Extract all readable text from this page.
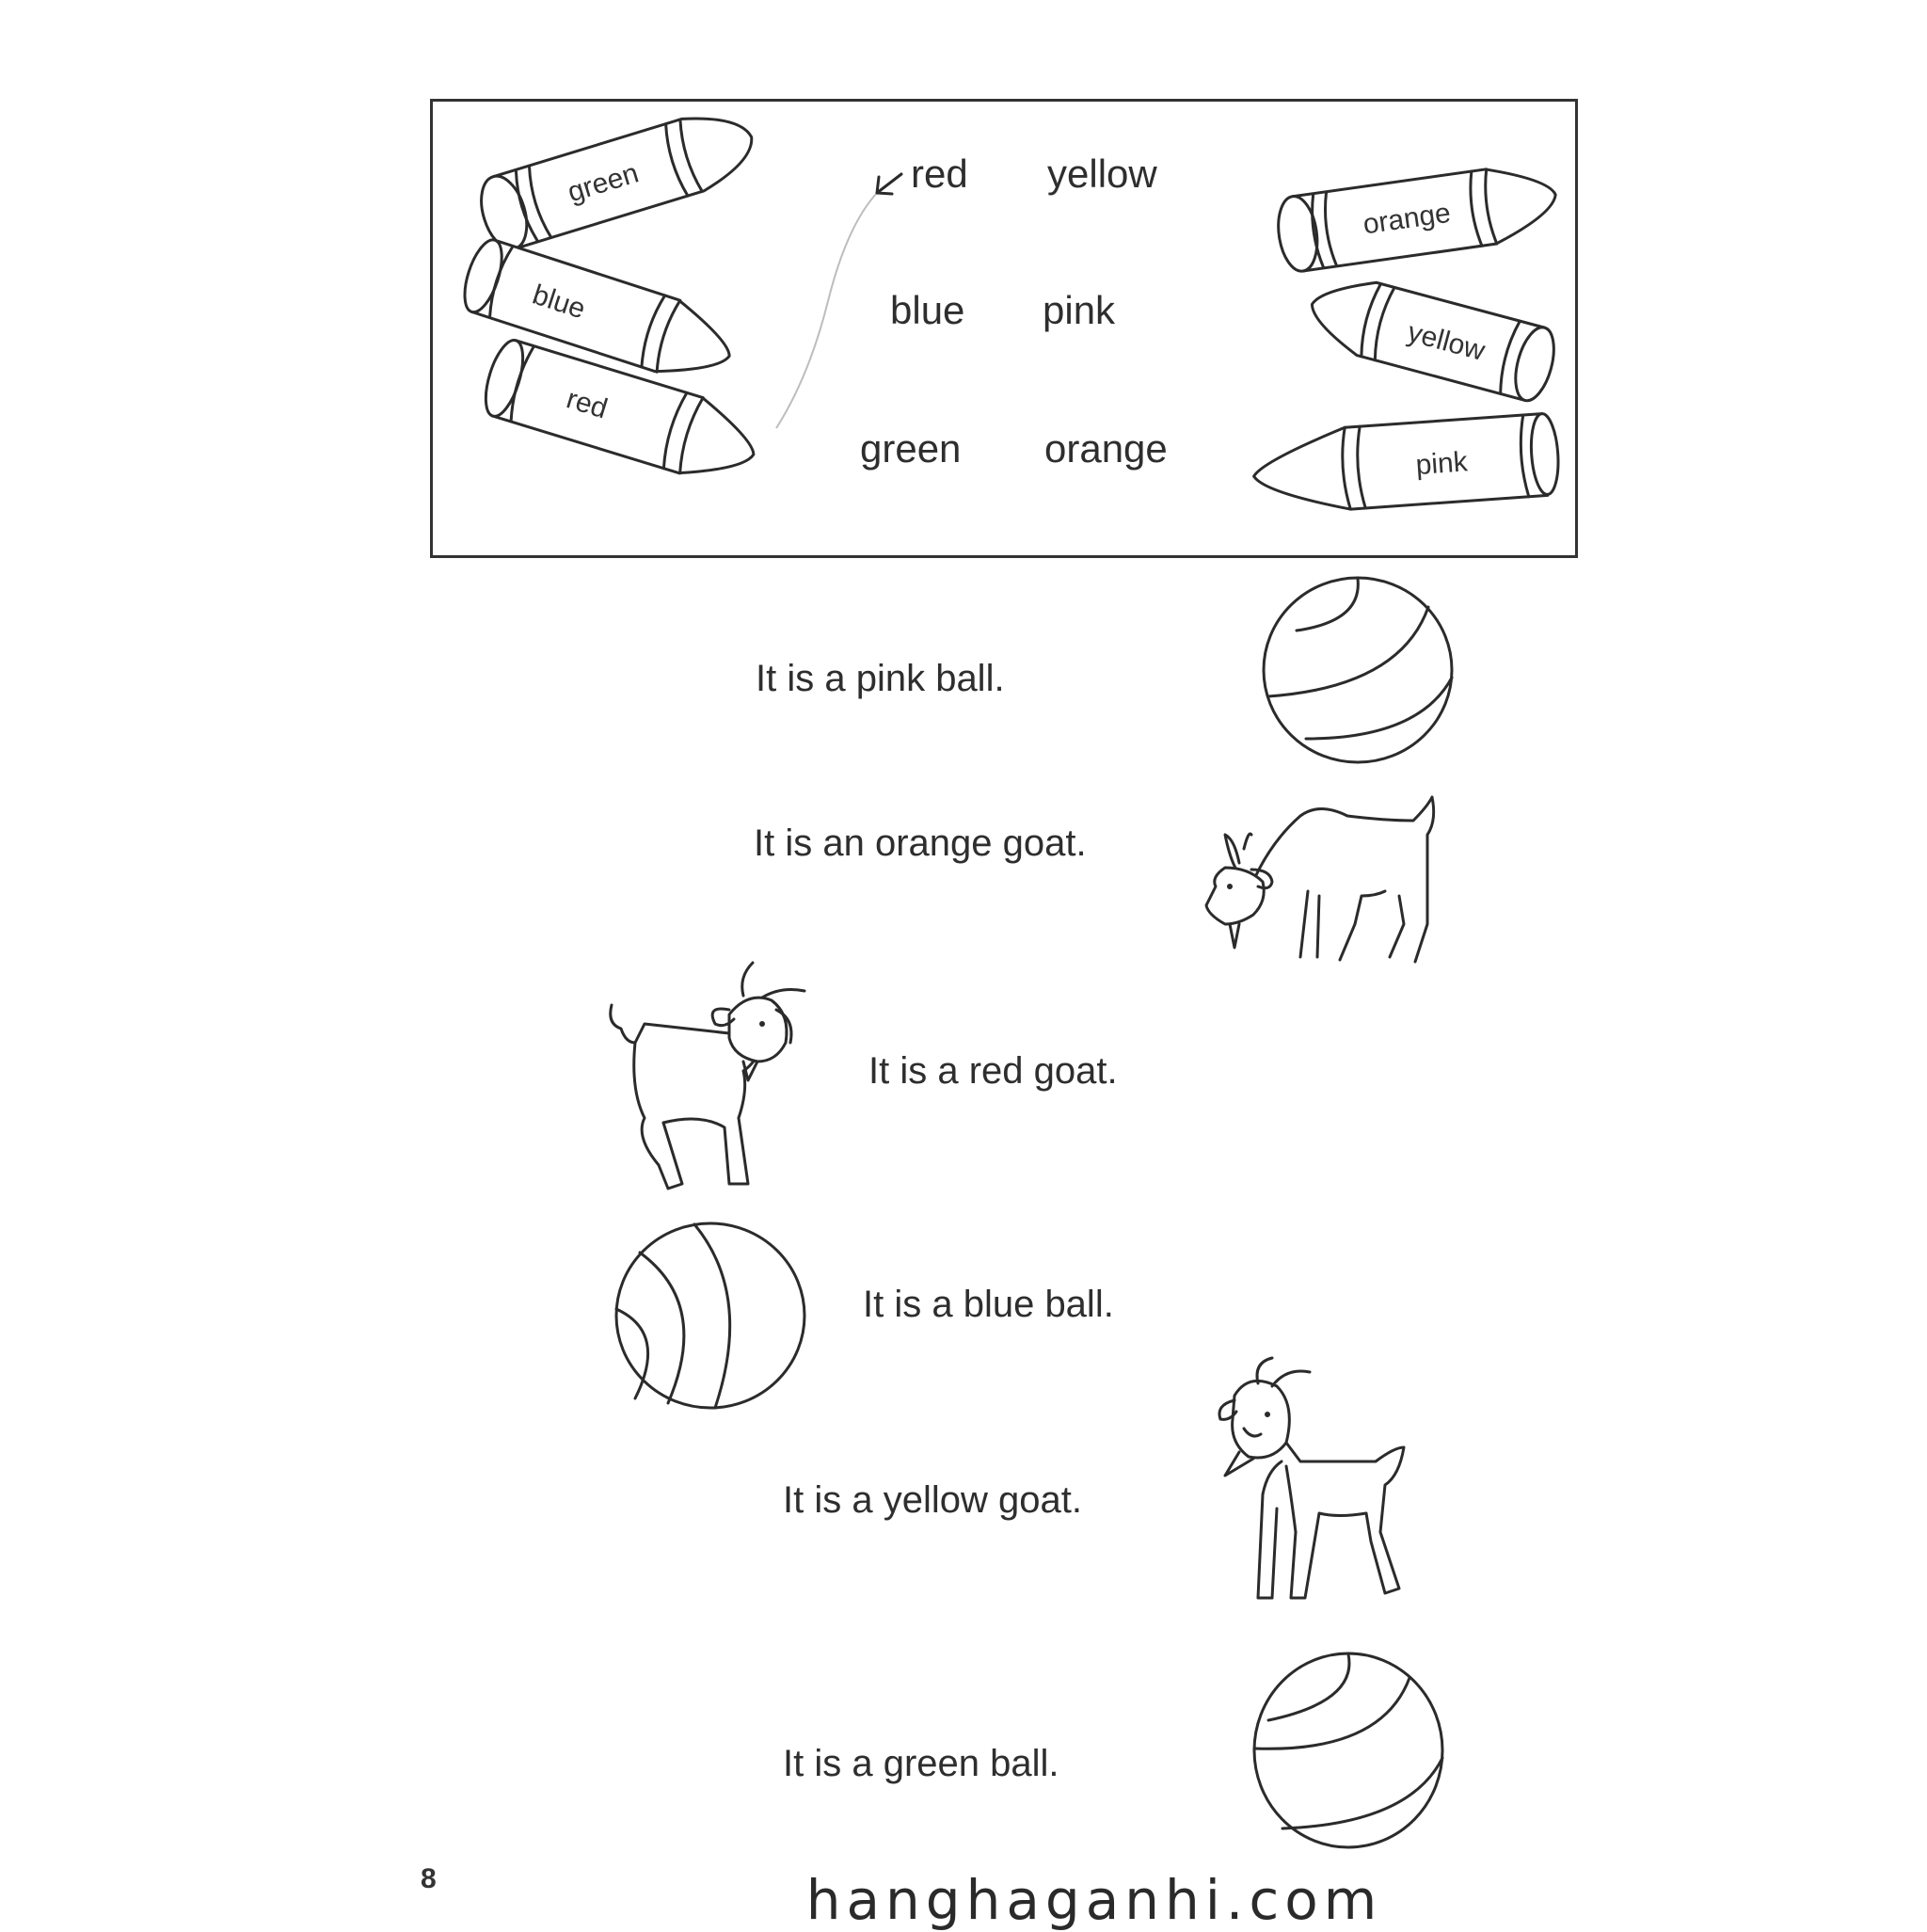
green
blue
red
red yellow
blue pink
green orange
orange
yellow
pink
It is a pink ball.
It is an orange goat.
It is a red goat.
It is a blue ball.
It is a yellow goat.
It is a green ball.
8	hanghaganhi.com
